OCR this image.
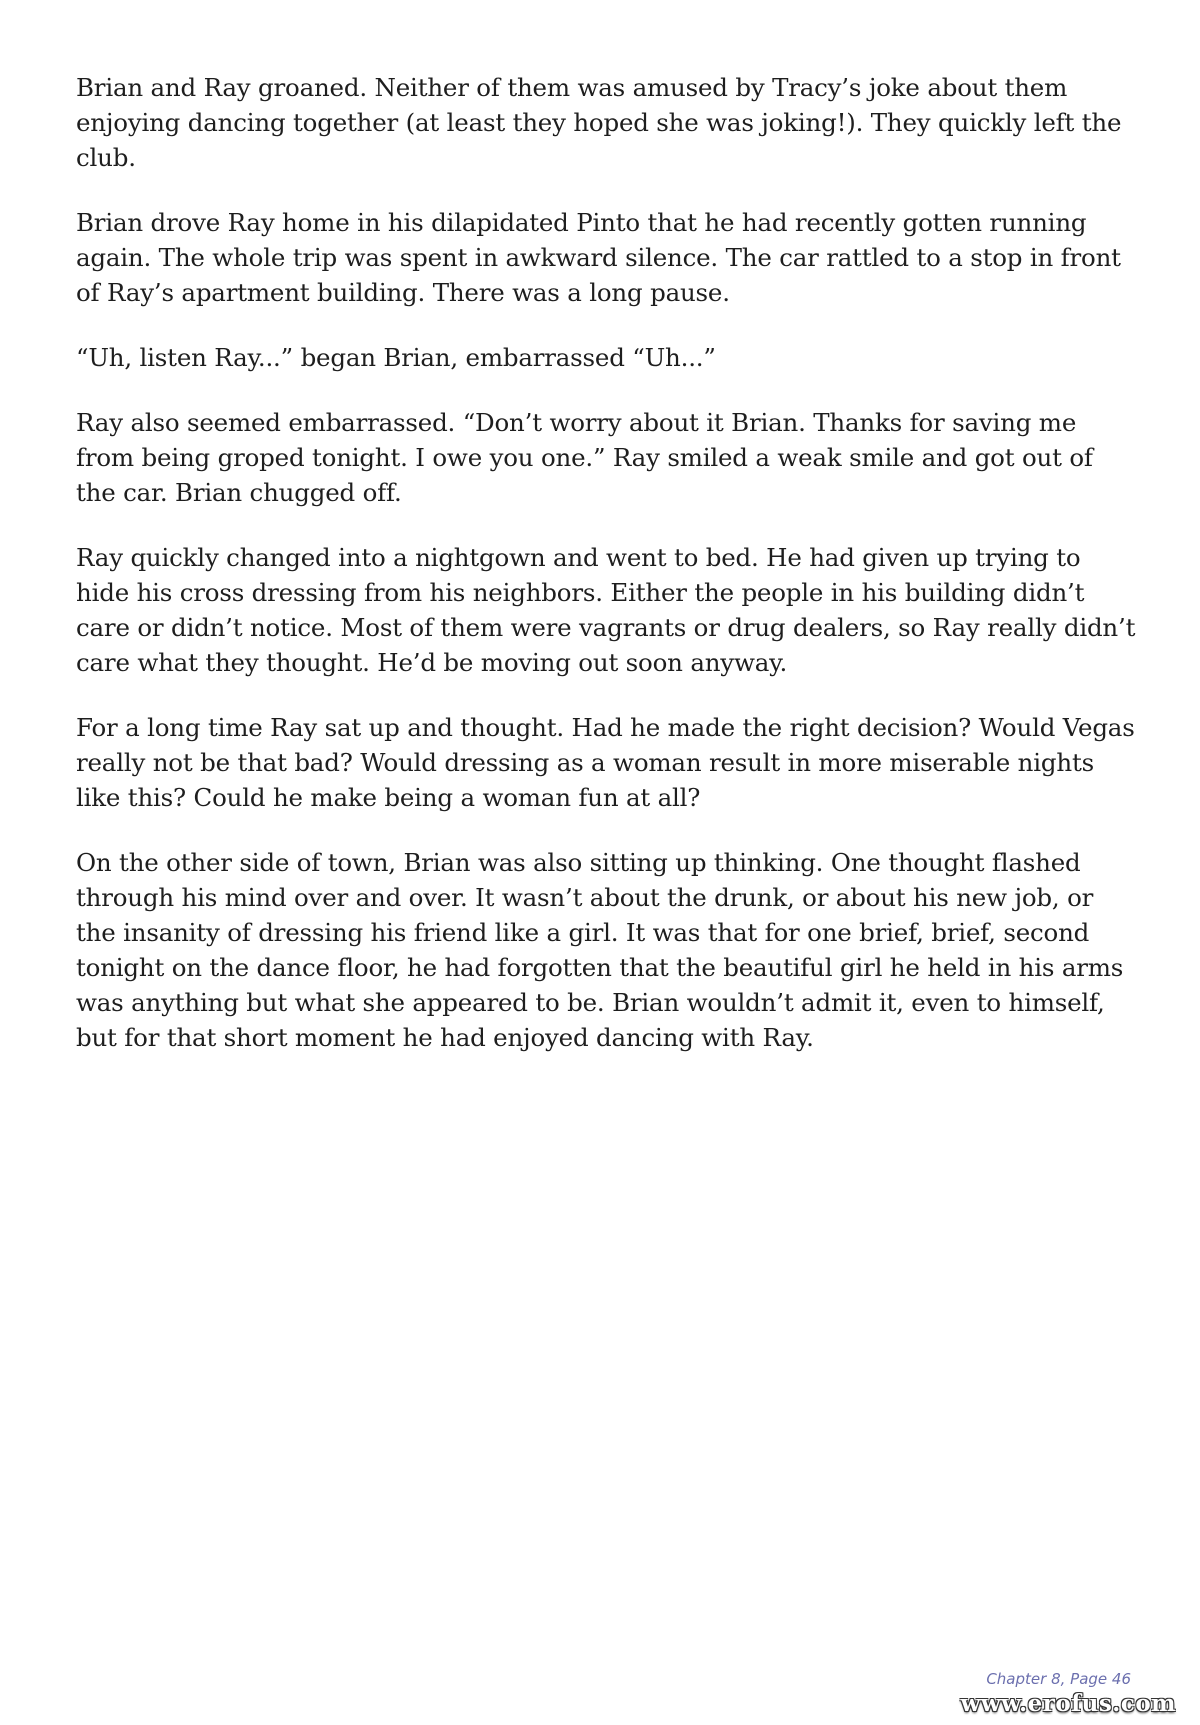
Brian and Ray groaned. Neither of them was amused by Tracy’s joke about them enjoying dancing together (at least they hoped she was joking!). They quickly left the club.

Brian drove Ray home in his dilapidated Pinto that he had recently gotten running again. The whole trip was spent in awkward silence. The car rattled to a stop in front of Ray’s apartment building. There was a long pause.

“Uh, listen Ray...” began Brian, embarrassed “Uh...”

Ray also seemed embarrassed. “Don’t worry about it Brian. Thanks for saving me from being groped tonight. I owe you one.” Ray smiled a weak smile and got out of the car. Brian chugged off.

Ray quickly changed into a nightgown and went to bed. He had given up trying to hide his cross dressing from his neighbors. Either the people in his building didn’t care or didn’t notice. Most of them were vagrants or drug dealers, so Ray really didn’t care what they thought. He’d be moving out soon anyway.

For a long time Ray sat up and thought. Had he made the right decision? Would Vegas really not be that bad? Would dressing as a woman result in more miserable nights like this? Could he make being a woman fun at all?

On the other side of town, Brian was also sitting up thinking. One thought flashed through his mind over and over. It wasn’t about the drunk, or about his new job, or the insanity of dressing his friend like a girl. It was that for one brief, brief, second tonight on the dance floor, he had forgotten that the beautiful girl he held in his arms was anything but what she appeared to be. Brian wouldn’t admit it, even to himself, but for that short moment he had enjoyed dancing with Ray.

Chapter 8, Page 46
www.erofus.com
